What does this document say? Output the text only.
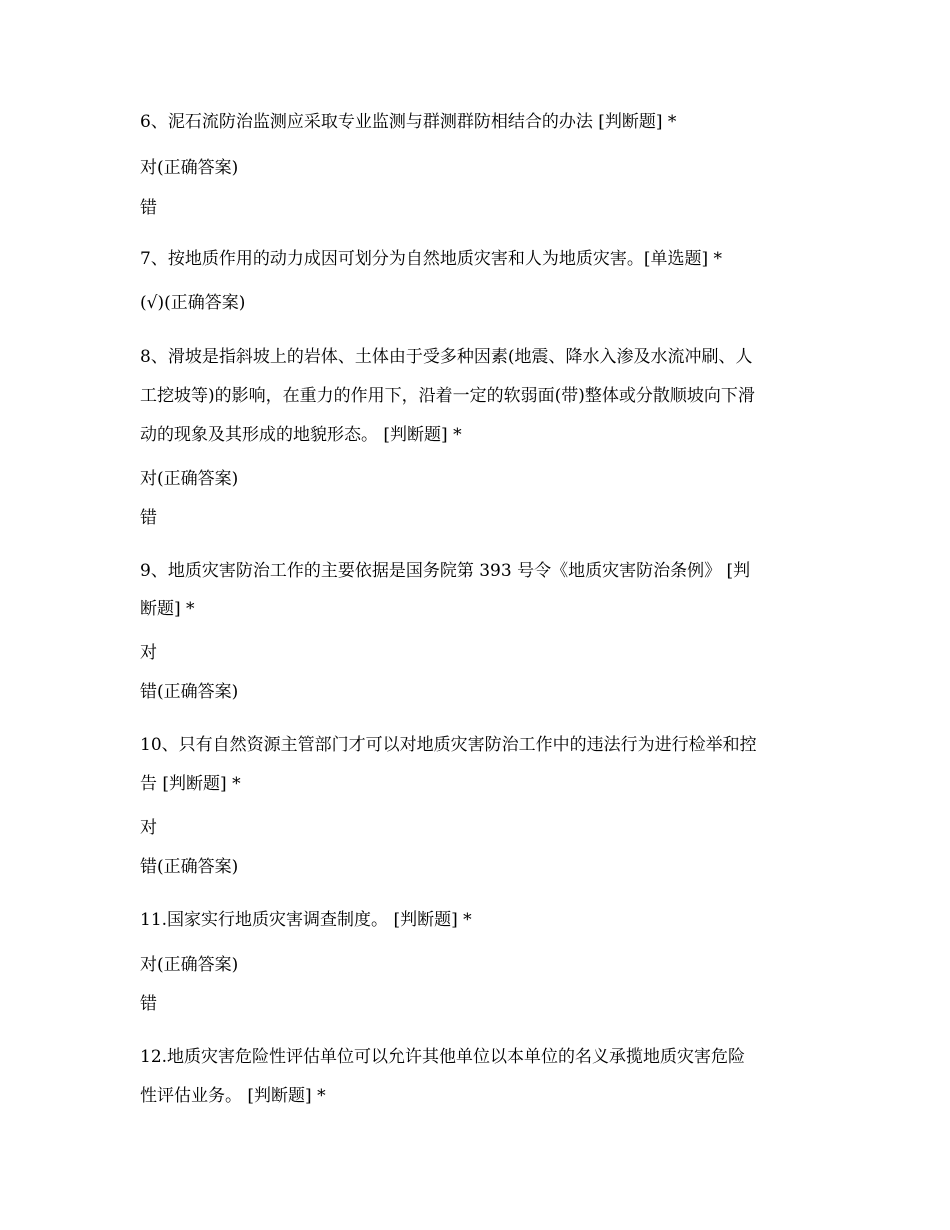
6、泥石流防治监测应采取专业监测与群测群防相结合的办法 [判断题] *
对(正确答案)
错
7、按地质作用的动力成因可划分为自然地质灾害和人为地质灾害。[单选题] *
(√)(正确答案)
8、滑坡是指斜坡上的岩体、土体由于受多种因素(地震、降水入渗及水流冲刷、人
工挖坡等)的影响，在重力的作用下，沿着一定的软弱面(带)整体或分散顺坡向下滑
动的现象及其形成的地貌形态。 [判断题] *
对(正确答案)
错
9、地质灾害防治工作的主要依据是国务院第 393 号令《地质灾害防治条例》 [判
断题] *
对
错(正确答案)
10、只有自然资源主管部门才可以对地质灾害防治工作中的违法行为进行检举和控
告 [判断题] *
对
错(正确答案)
11.国家实行地质灾害调查制度。 [判断题] *
对(正确答案)
错
12.地质灾害危险性评估单位可以允许其他单位以本单位的名义承揽地质灾害危险
性评估业务。 [判断题] *
